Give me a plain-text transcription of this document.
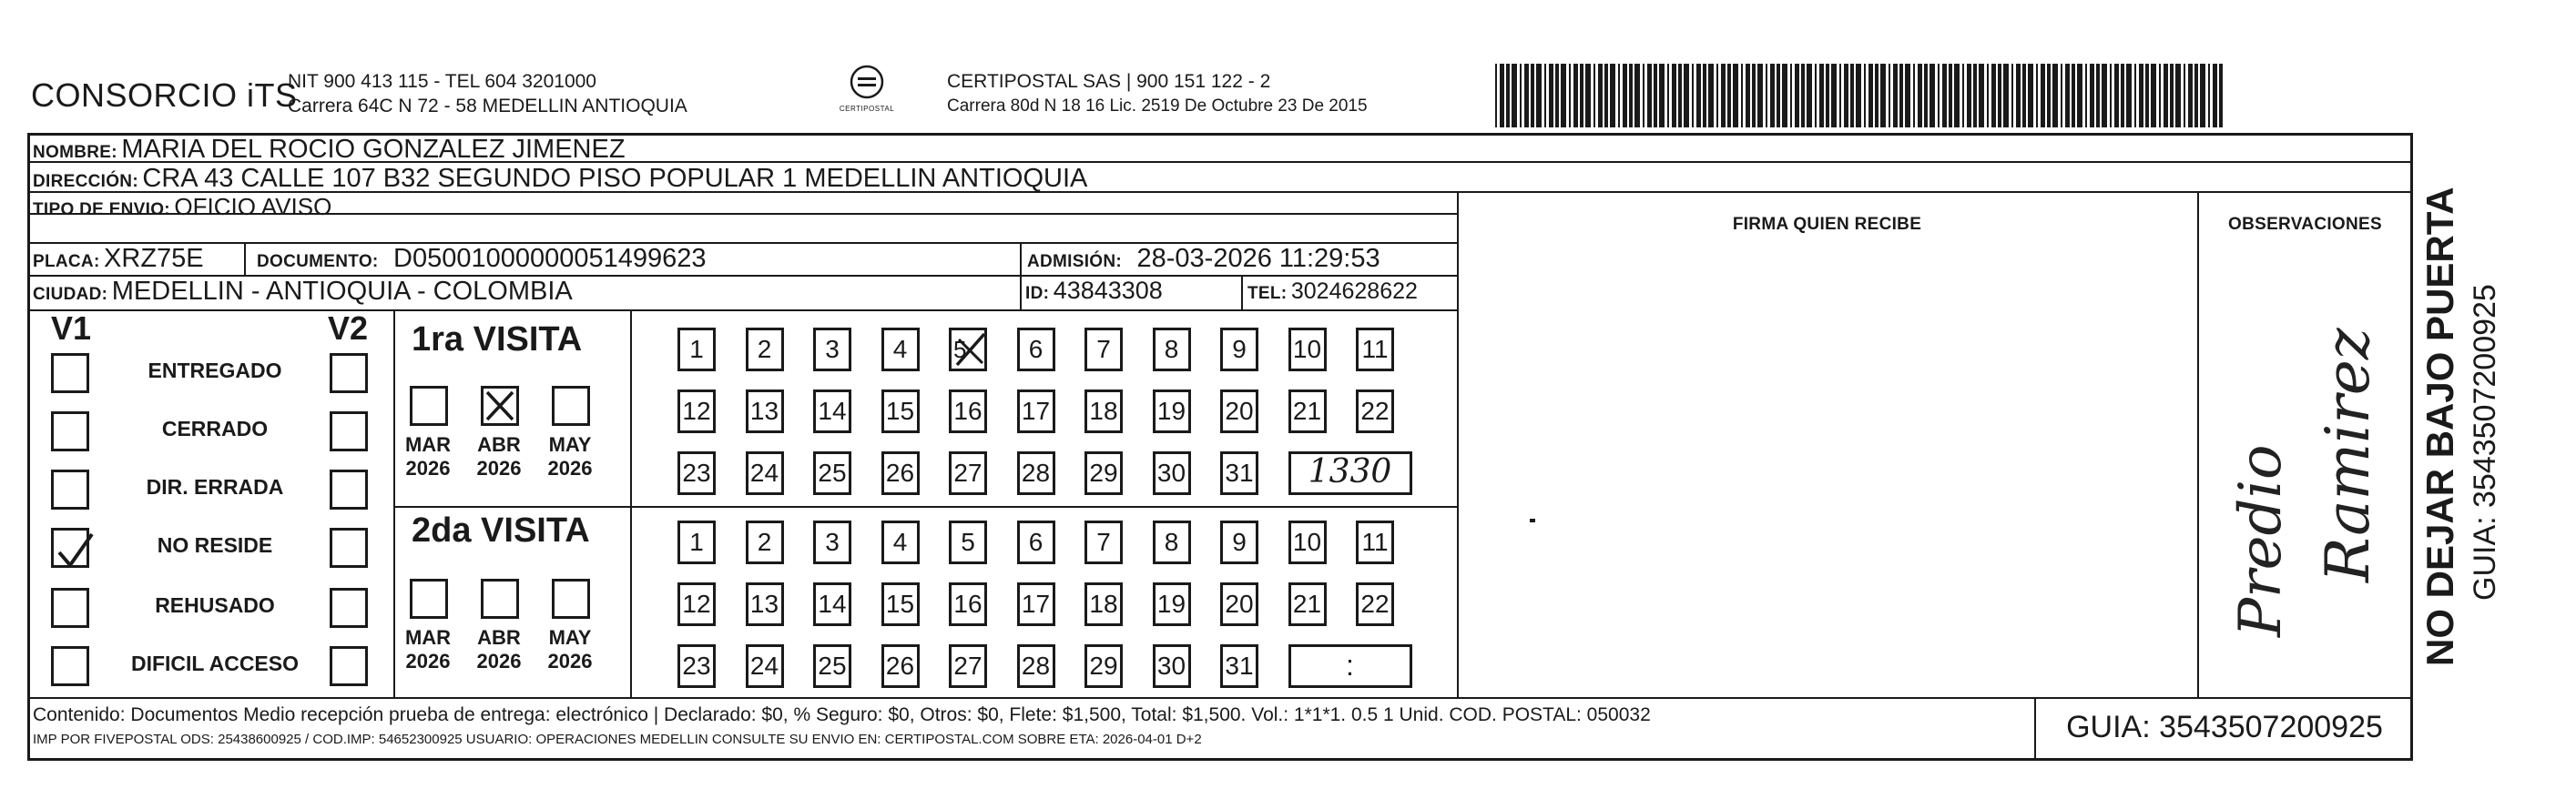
CONSORCIO iTS
NIT 900 413 115 - TEL 604 3201000
Carrera 64C N 72 - 58 MEDELLIN ANTIOQUIA	CERTIPOSTAL
CERTIPOSTAL SAS | 900 151 122 - 2
Carrera 80d N 18 16 Lic. 2519 De Octubre 23 De 2015
NOMBRE: MARIA DEL ROCIO GONZALEZ JIMENEZ
DIRECCIÓN: CRA 43 CALLE 107 B32 SEGUNDO PISO POPULAR 1 MEDELLIN ANTIOQUIA
TIPO DE ENVIO: OFICIO AVISO
FIRMA QUIEN RECIBE	OBSERVACIONES
PLACA: XRZ75E	DOCUMENTO: D05001000000051499623	ADMISIÓN: 28-03-2026 11:29:53
CIUDAD: MEDELLIN - ANTIOQUIA - COLOMBIA	ID: 43843308	TEL: 3024628622
V1	V2
ENTREGADO
CERRADO
DIR. ERRADA
NO RESIDE
REHUSADO
DIFICIL ACCESO
1ra VISITA
MAR
2026
ABR
2026
MAY
2026
1	2	3	4	5	6	7	8	9	10 11
12 13 14 15 16 17 18 19 20 21 22
23 24 25 26 27 28 29 30 31	1330
2da VISITA
MAR
2026
ABR
2026
MAY
2026
1	2	3	4	5	6	7	8	9	10 11
12 13 14 15 16 17 18 19 20 21 22
23 24 25 26 27 28 29 30 31	:
Predio Ramirez NO DEJAR BAJO PUERTA GUIA: 3543507200925
Contenido: Documentos Medio recepción prueba de entrega: electrónico | Declarado: $0, % Seguro: $0, Otros: $0, Flete: $1,500, Total: $1,500. Vol.: 1*1*1. 0.5 1 Unid. COD. POSTAL: 050032
IMP POR FIVEPOSTAL ODS: 25438600925 / COD.IMP: 54652300925 USUARIO: OPERACIONES MEDELLIN CONSULTE SU ENVIO EN: CERTIPOSTAL.COM SOBRE ETA: 2026-04-01 D+2	GUIA: 3543507200925
